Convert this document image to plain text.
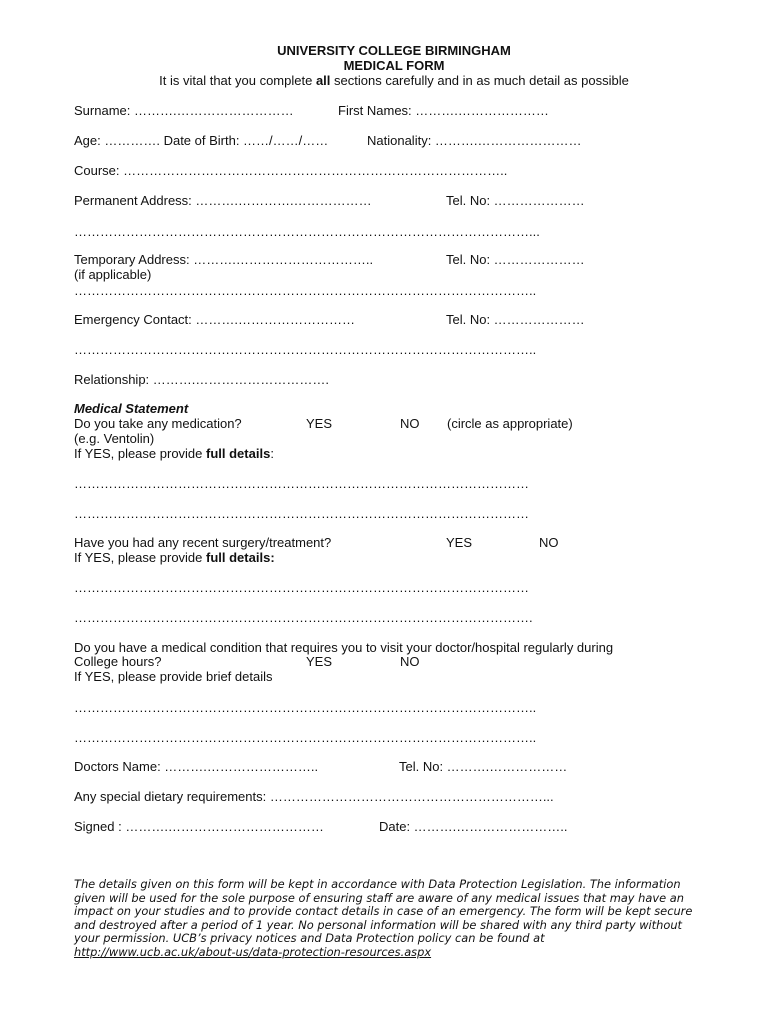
UNIVERSITY COLLEGE BIRMINGHAM
MEDICAL FORM
It is vital that you complete all sections carefully and in as much detail as possible
Surname: ……….………………………	First Names: ……….…………………
Age: …………. Date of Birth: ……/……/……	Nationality: ……….……………………
Course: ……………………………………………………………………………..
Permanent Address: ……….………….………………	Tel. No: …………………
……………………………………………………………………………………………...
Temporary Address: ……….…………………………..	Tel. No: …………………
(if applicable)
……………………………………………………………………………………………..
Emergency Contact: ……….………………………	Tel. No: …………………
……………………………………………………………………………………………..
Relationship: ……….………………………….
Medical Statement
Do you take any medication?	YES	NO (circle as appropriate)
(e.g. Ventolin)
If YES, please provide full details:
……………………………………………………………………………………………
……………………………………………………………………………………………
Have you had any recent surgery/treatment?	YES	NO
If YES, please provide full details:
……………………………………………………………………………………………
…………………………………………………………………………………………….
Do you have a medical condition that requires you to visit your doctor/hospital regularly during
College hours?	YES	NO
If YES, please provide brief details
……………………………………………………………………………………………..
……………………………………………………………………………………………..
Doctors Name: ……….……………………..	Tel. No: ……….………………
Any special dietary requirements: ………………………………………………………...
Signed : ……….………………………………	Date: ……….……………………..
The details given on this form will be kept in accordance with Data Protection Legislation. The information given will be used for the sole purpose of ensuring staff are aware of any medical issues that may have an impact on your studies and to provide contact details in case of an emergency. The form will be kept secure and destroyed after a period of 1 year. No personal information will be shared with any third party without your permission. UCB’s privacy notices and Data Protection policy can be found at http://www.ucb.ac.uk/about-us/data-protection-resources.aspx
